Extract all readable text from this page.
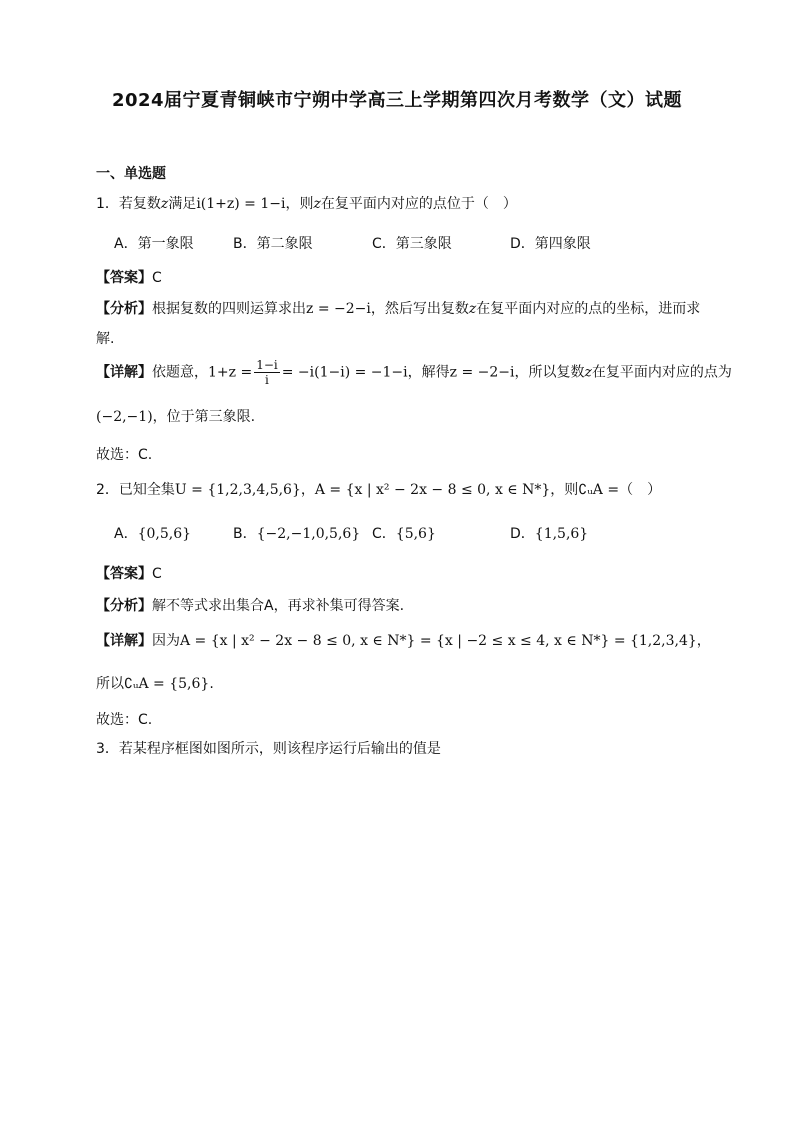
2024届宁夏青铜峡市宁朔中学高三上学期第四次月考数学（文）试题
一、单选题
1．若复数z满足i(1+z) = 1−i，则z在复平面内对应的点位于（　）
A．第一象限	B．第二象限	C．第三象限	D．第四象限
【答案】C
【分析】根据复数的四则运算求出z = −2−i，然后写出复数z在复平面内对应的点的坐标，进而求
解.
【详解】依题意，$1+z = \frac{1-i}{i} = -i(1-i) = -1-i$，解得z = −2−i，所以复数z在复平面内对应的点为
(−2,−1)，位于第三象限.
故选：C.
2．已知全集U = {1,2,3,4,5,6}，A = {x | x² − 2x − 8 ≤ 0, x ∈ N*}，则∁ᵤA =（　）
A．{0,5,6}	B．{−2,−1,0,5,6} C．{5,6}	D．{1,5,6}
【答案】C
【分析】解不等式求出集合A，再求补集可得答案.
【详解】因为A = {x | x² − 2x − 8 ≤ 0, x ∈ N*} = {x | −2 ≤ x ≤ 4, x ∈ N*} = {1,2,3,4}，
所以∁ᵤA = {5,6}.
故选：C.
3．若某程序框图如图所示，则该程序运行后输出的值是
